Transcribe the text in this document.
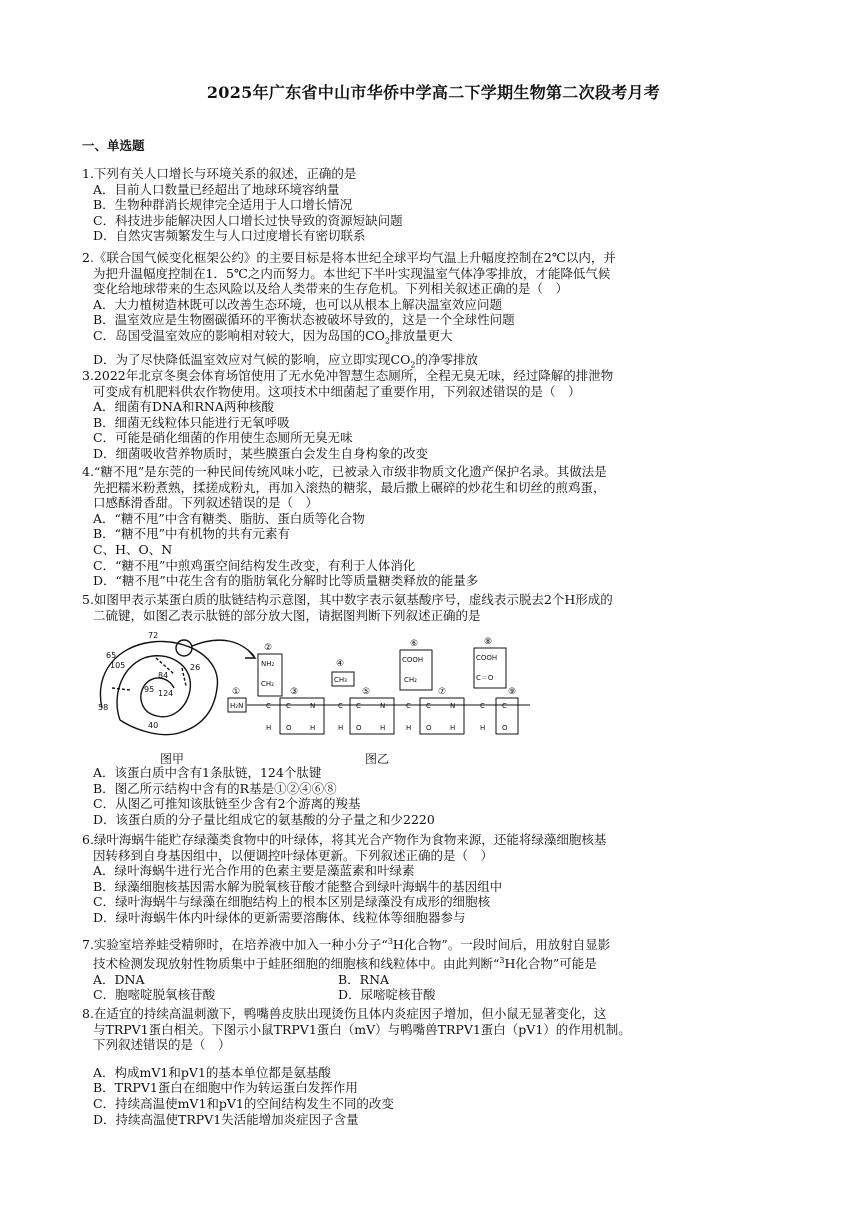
2025年广东省中山市华侨中学高二下学期生物第二次段考月考
一、单选题
1.下列有关人口增长与环境关系的叙述，正确的是
A．目前人口数量已经超出了地球环境容纳量
B．生物种群消长规律完全适用于人口增长情况
C．科技进步能解决因人口增长过快导致的资源短缺问题
D．自然灾害频繁发生与人口过度增长有密切联系
2.《联合国气候变化框架公约》的主要目标是将本世纪全球平均气温上升幅度控制在2℃以内，并
为把升温幅度控制在1．5℃之内而努力。本世纪下半叶实现温室气体净零排放，才能降低气候
变化给地球带来的生态风险以及给人类带来的生存危机。下列相关叙述正确的是（　）
A．大力植树造林既可以改善生态环境，也可以从根本上解决温室效应问题
B．温室效应是生物圈碳循环的平衡状态被破坏导致的，这是一个全球性问题
C．岛国受温室效应的影响相对较大，因为岛国的$CO_2$排放量更大
D．为了尽快降低温室效应对气候的影响，应立即实现$CO_2$的净零排放
3.2022年北京冬奥会体育场馆使用了无水免冲智慧生态厕所，全程无臭无味，经过降解的排泄物
可变成有机肥料供农作物使用。这项技术中细菌起了重要作用，下列叙述错误的是（　）
A．细菌有DNA和RNA两种核酸
B．细菌无线粒体只能进行无氧呼吸
C．可能是硝化细菌的作用使生态厕所无臭无味
D．细菌吸收营养物质时，某些膜蛋白会发生自身构象的改变
4.“糖不甩”是东莞的一种民间传统风味小吃，已被录入市级非物质文化遗产保护名录。其做法是
先把糯米粉煮熟，揉搓成粉丸，再加入滚热的糖浆，最后撒上碾碎的炒花生和切丝的煎鸡蛋，
口感酥滑香甜。下列叙述错误的是（　）
A．“糖不甩”中含有糖类、脂肪、蛋白质等化合物
B．“糖不甩”中有机物的共有元素有
C、H、O、N
C．“糖不甩”中煎鸡蛋空间结构发生改变，有利于人体消化
D．“糖不甩”中花生含有的脂肪氧化分解时比等质量糖类释放的能量多
5.如图甲表示某蛋白质的肽链结构示意图，其中数字表示氨基酸序号，虚线表示脱去2个H形成的
二硫键，如图乙表示肽链的部分放大图，请据图判断下列叙述正确的是
72
65
84
26
105
95 124
58
40
H₂N
NH₂
CH₂	CH₃
COOH
CH₂
COOH
C＝O
C
H
C	N
O	H
C
H
C	N
O	H
C
H
C	N
O	H
C
H
C
O
①
②
③
④
⑤
⑥
⑦
⑧
⑨
图甲	图乙
A．该蛋白质中含有1条肽链，124个肽键
B．图乙所示结构中含有的R基是①②④⑥⑧
C．从图乙可推知该肽链至少含有2个游离的羧基
D．该蛋白质的分子量比组成它的氨基酸的分子量之和少2220
6.绿叶海蜗牛能贮存绿藻类食物中的叶绿体，将其光合产物作为食物来源，还能将绿藻细胞核基
因转移到自身基因组中，以便调控叶绿体更新。下列叙述正确的是（　）
A．绿叶海蜗牛进行光合作用的色素主要是藻蓝素和叶绿素
B．绿藻细胞核基因需水解为脱氧核苷酸才能整合到绿叶海蜗牛的基因组中
C．绿叶海蜗牛与绿藻在细胞结构上的根本区别是绿藻没有成形的细胞核
D．绿叶海蜗牛体内叶绿体的更新需要溶酶体、线粒体等细胞器参与
7.实验室培养蛙受精卵时，在培养液中加入一种小分子“$^3$H化合物”。一段时间后，用放射自显影
技术检测发现放射性物质集中于蛙胚细胞的细胞核和线粒体中。由此判断“$^3$H化合物”可能是
A．DNA	B．RNA
C．胞嘧啶脱氧核苷酸	D．尿嘧啶核苷酸
8.在适宜的持续高温刺激下，鸭嘴兽皮肤出现烫伤且体内炎症因子增加，但小鼠无显著变化，这
与TRPV1蛋白相关。下图示小鼠TRPV1蛋白（mV）与鸭嘴兽TRPV1蛋白（pV1）的作用机制。
下列叙述错误的是（　）
A．构成mV1和pV1的基本单位都是氨基酸
B．TRPV1蛋白在细胞中作为转运蛋白发挥作用
C．持续高温使mV1和pV1的空间结构发生不同的改变
D．持续高温使TRPV1失活能增加炎症因子含量
